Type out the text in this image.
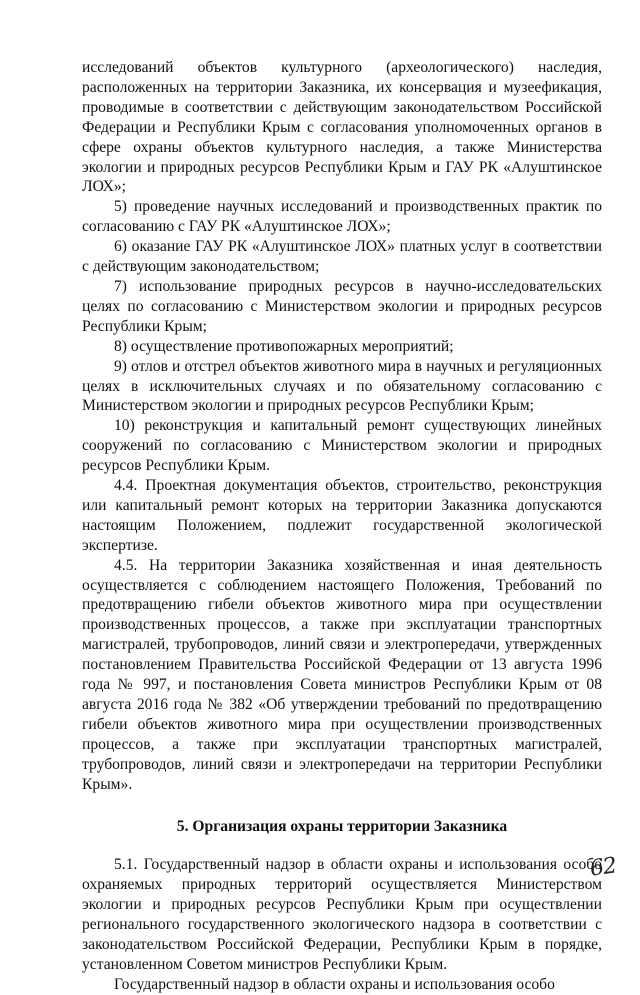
исследований объектов культурного (археологического) наследия, расположенных на территории Заказника, их консервация и музеефикация, проводимые в соответствии с действующим законодательством Российской Федерации и Республики Крым с согласования уполномоченных органов в сфере охраны объектов культурного наследия, а также Министерства экологии и природных ресурсов Республики Крым и ГАУ РК «Алуштинское ЛОХ»;

5) проведение научных исследований и производственных практик по согласованию с ГАУ РК «Алуштинское ЛОХ»;

6) оказание ГАУ РК «Алуштинское ЛОХ» платных услуг в соответствии с действующим законодательством;

7) использование природных ресурсов в научно-исследовательских целях по согласованию с Министерством экологии и природных ресурсов Республики Крым;

8) осуществление противопожарных мероприятий;

9) отлов и отстрел объектов животного мира в научных и регуляционных целях в исключительных случаях и по обязательному согласованию с Министерством экологии и природных ресурсов Республики Крым;

10) реконструкция и капитальный ремонт существующих линейных сооружений по согласованию с Министерством экологии и природных ресурсов Республики Крым.

4.4. Проектная документация объектов, строительство, реконструкция или капитальный ремонт которых на территории Заказника допускаются настоящим Положением, подлежит государственной экологической экспертизе.

4.5. На территории Заказника хозяйственная и иная деятельность осуществляется с соблюдением настоящего Положения, Требований по предотвращению гибели объектов животного мира при осуществлении производственных процессов, а также при эксплуатации транспортных магистралей, трубопроводов, линий связи и электропередачи, утвержденных постановлением Правительства Российской Федерации от 13 августа 1996 года № 997, и постановления Совета министров Республики Крым от 08 августа 2016 года № 382 «Об утверждении требований по предотвращению гибели объектов животного мира при осуществлении производственных процессов, а также при эксплуатации транспортных магистралей, трубопроводов, линий связи и электропередачи на территории Республики Крым».

5. Организация охраны территории Заказника

5.1. Государственный надзор в области охраны и использования особо охраняемых природных территорий осуществляется Министерством экологии и природных ресурсов Республики Крым при осуществлении регионального государственного экологического надзора в соответствии с законодательством Российской Федерации, Республики Крым в порядке, установленном Советом министров Республики Крым.

Государственный надзор в области охраны и использования особо

62
